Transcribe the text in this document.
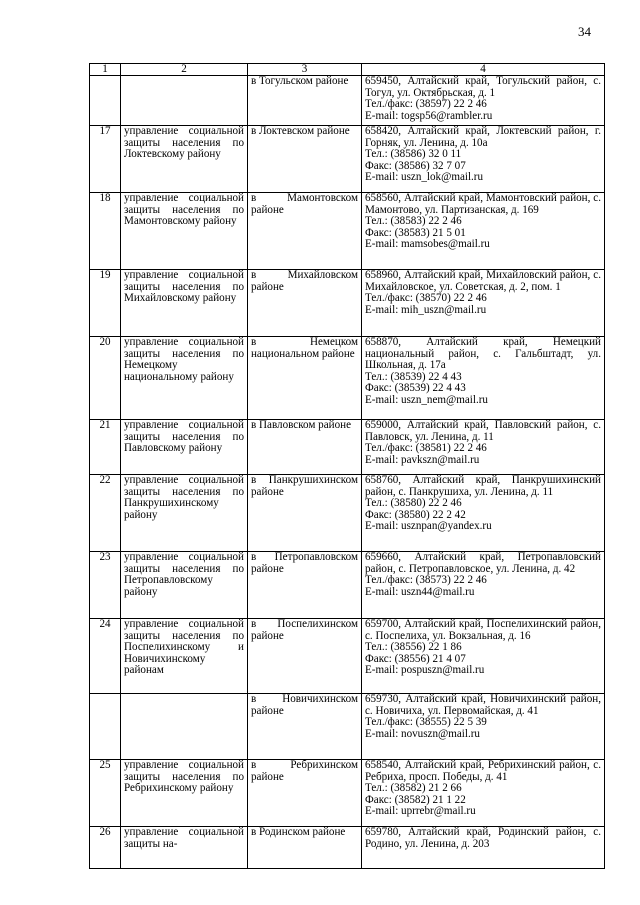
34
1	2	3	4
		в Тогульском районе	659450, Алтайский край, Тогульский район, с. Тогул, ул. Октябрьская, д. 1
Тел./факс: (38597) 22 2 46
E-mail: togsp56@rambler.ru

17	управление социальной защиты населения по Локтевскому району	в Локтевском районе	658420, Алтайский край, Локтевский район, г. Горняк, ул. Ленина, д. 10а
Тел.: (38586) 32 0 11
Факс: (38586) 32 7 07
E-mail: uszn_lok@mail.ru

18	управление социальной защиты населения по Мамонтовскому району	в Мамонтовском районе	658560, Алтайский край, Мамонтовский район, с. Мамонтово, ул. Партизанская, д. 169
Тел.: (38583) 22 2 46
Факс: (38583) 21 5 01
E-mail: mamsobes@mail.ru

19	управление социальной защиты населения по Михайловскому району	в Михайловском районе	658960, Алтайский край, Михайловский район, с. Михайловское, ул. Советская, д. 2, пом. 1
Тел./факс: (38570) 22 2 46
E-mail: mih_uszn@mail.ru

20	управление социальной защиты населения по Немецкому национальному району	в Немецком национальном районе	658870, Алтайский край, Немецкий национальный район, с. Гальбштадт, ул. Школьная, д. 17а
Тел.: (38539) 22 4 43
Факс: (38539) 22 4 43
E-mail: uszn_nem@mail.ru

21	управление социальной защиты населения по Павловскому району	в Павловском районе	659000, Алтайский край, Павловский район, с. Павловск, ул. Ленина, д. 11
Тел./факс: (38581) 22 2 46
E-mail: pavkszn@mail.ru

22	управление социальной защиты населения по Панкрушихинскому району	в Панкрушихинском районе	658760, Алтайский край, Панкрушихинский район, с. Панкрушиха, ул. Ленина, д. 11
Тел.: (38580) 22 2 46
Факс: (38580) 22 2 42
E-mail: usznpan@yandex.ru

23	управление социальной защиты населения по Петропавловскому району	в Петропавловском районе	659660, Алтайский край, Петропавловский район, с. Петропавловское, ул. Ленина, д. 42
Тел./факс: (38573) 22 2 46
E-mail: uszn44@mail.ru

24	управление социальной защиты населения по Поспелихинскому и Новичихинскому районам	в Поспелихинском районе	659700, Алтайский край, Поспелихинский район, с. Поспелиха, ул. Вокзальная, д. 16
Тел.: (38556) 22 1 86
Факс: (38556) 21 4 07
E-mail: pospuszn@mail.ru

		в Новичихинском районе	659730, Алтайский край, Новичихинский район, с. Новичиха, ул. Первомайская, д. 41
Тел./факс: (38555) 22 5 39
E-mail: novuszn@mail.ru

25	управление социальной защиты населения по Ребрихинскому району	в Ребрихинском районе	658540, Алтайский край, Ребрихинский район, с. Ребриха, просп. Победы, д. 41
Тел.: (38582) 21 2 66
Факс: (38582) 21 1 22
E-mail: uprrebr@mail.ru

26	управление социальной защиты на-	в Родинском районе	659780, Алтайский край, Родинский район, с. Родино, ул. Ленина, д. 203
